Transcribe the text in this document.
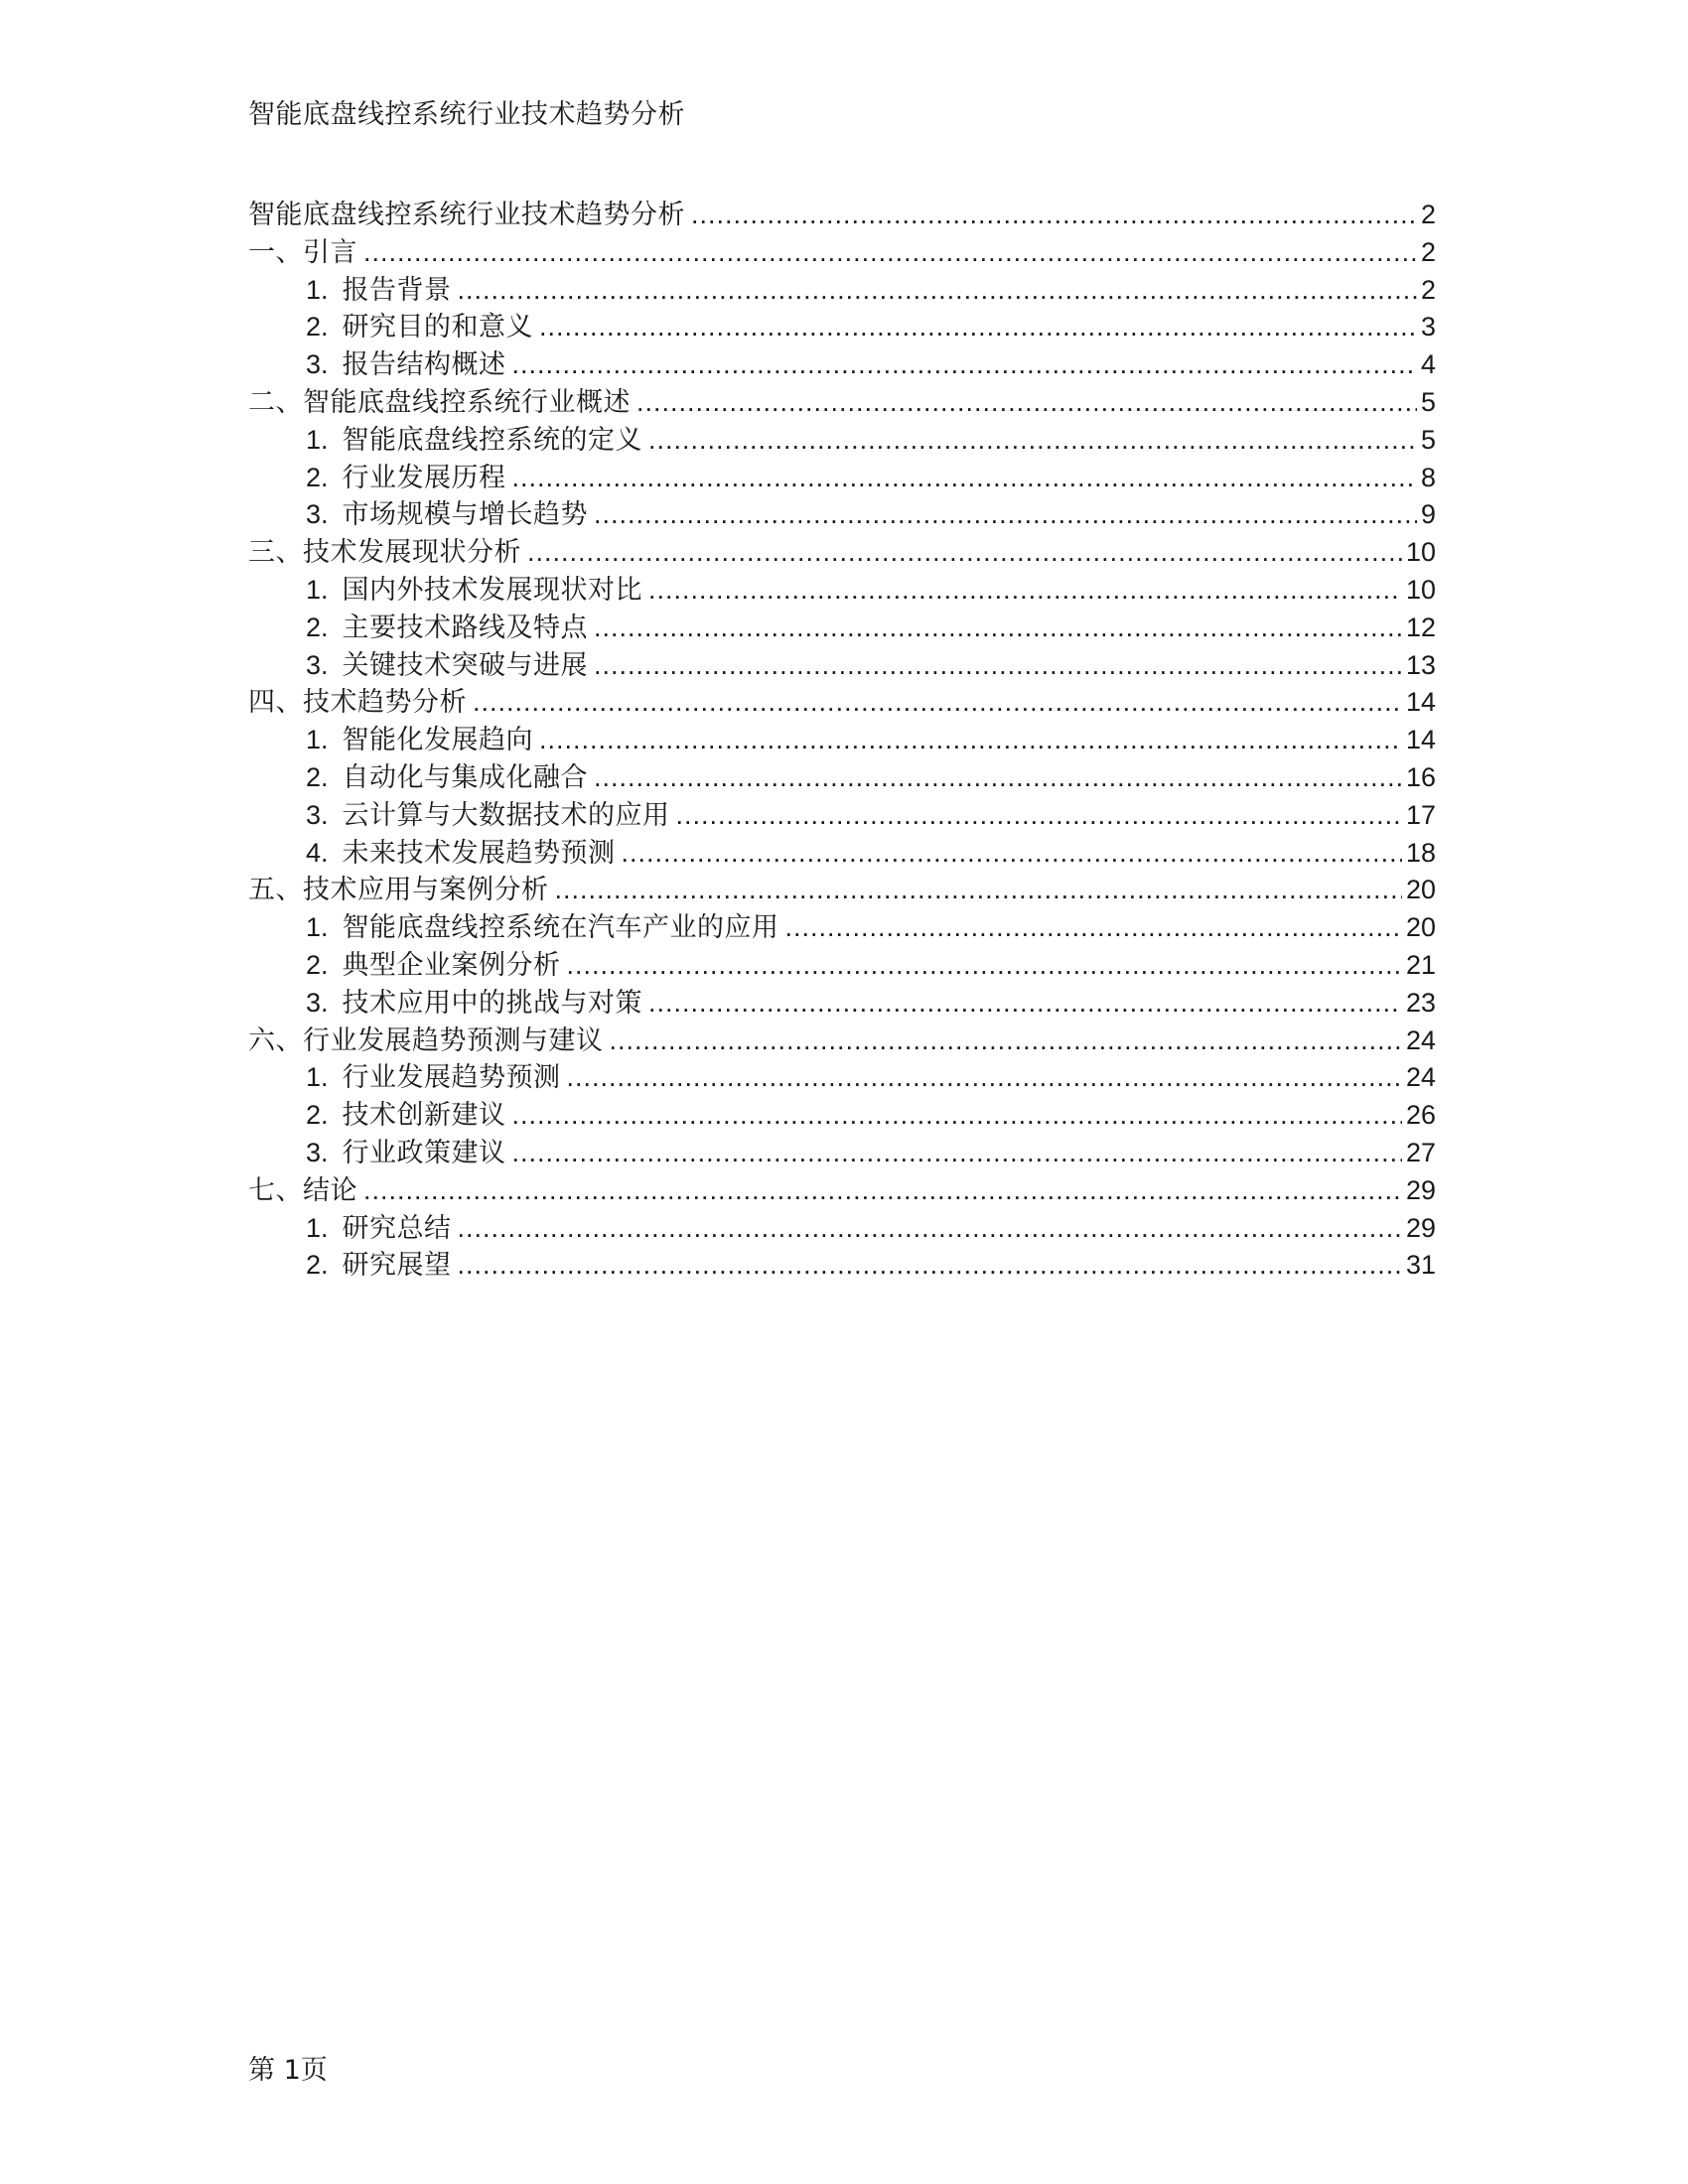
智能底盘线控系统行业技术趋势分析
智能底盘线控系统行业技术趋势分析 .....	2
一、引言 .....	2
1. 报告背景 .....	2
2. 研究目的和意义 .....	3
3. 报告结构概述 .....	4
二、智能底盘线控系统行业概述 .....	5
1. 智能底盘线控系统的定义 .....	5
2. 行业发展历程 .....	8
3. 市场规模与增长趋势 .....	9
三、技术发展现状分析 .....	10
1. 国内外技术发展现状对比 .....	10
2. 主要技术路线及特点 .....	12
3. 关键技术突破与进展 .....	13
四、技术趋势分析 .....	14
1. 智能化发展趋向 .....	14
2. 自动化与集成化融合 .....	16
3. 云计算与大数据技术的应用 .....	17
4. 未来技术发展趋势预测 .....	18
五、技术应用与案例分析 .....	20
1. 智能底盘线控系统在汽车产业的应用 .....	20
2. 典型企业案例分析 .....	21
3. 技术应用中的挑战与对策 .....	23
六、行业发展趋势预测与建议 .....	24
1. 行业发展趋势预测 .....	24
2. 技术创新建议 .....	26
3. 行业政策建议 .....	27
七、结论 .....	29
1. 研究总结 .....	29
2. 研究展望 .....	31
第 1页
